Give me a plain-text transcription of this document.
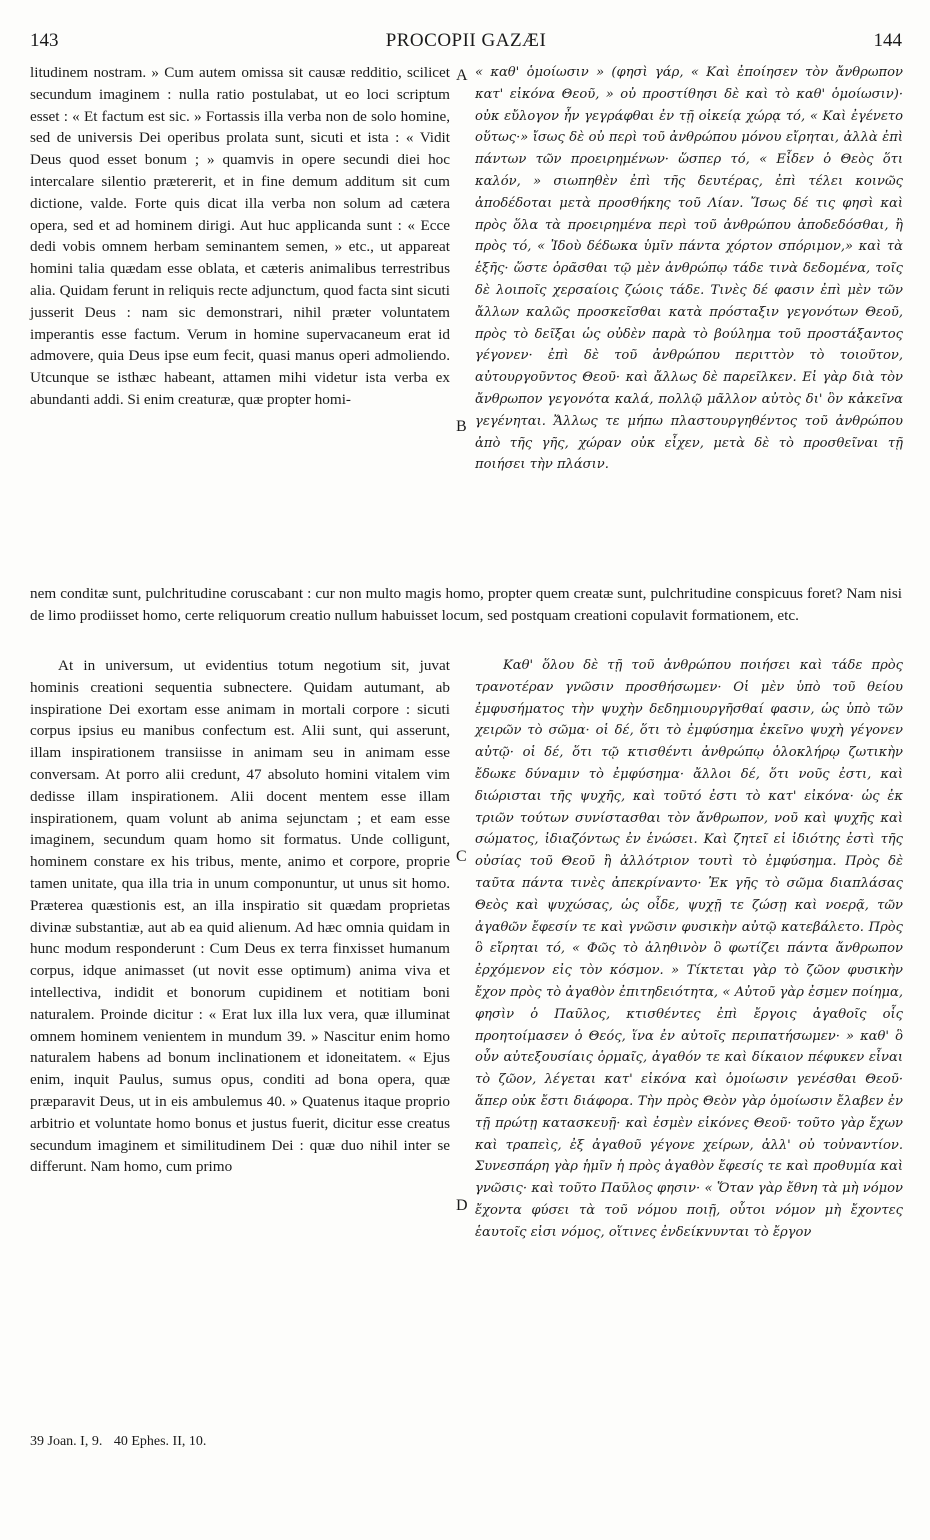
143	PROCOPII GAZÆI	144

litudinem nostram. » Cum autem omissa sit causæ redditio, scilicet secundum imaginem : nulla ratio postulabat, ut eo loci scriptum esset : « Et factum est sic. » Fortassis illa verba non de solo homine, sed de universis Dei operibus prolata sunt, sicuti et ista : « Vidit Deus quod esset bonum ; » quamvis in opere secundi diei hoc intercalare silentio prætererit, et in fine demum additum sit cum dictione, valde. Forte quis dicat illa verba non solum ad cætera opera, sed et ad hominem dirigi. Aut huc applicanda sunt : « Ecce dedi vobis omnem herbam seminantem semen, » etc., ut appareat homini talia quædam esse oblata, et cæteris animalibus terrestribus alia. Quidam ferunt in reliquis recte adjunctum, quod facta sint sicuti jusserit Deus : nam sic demonstrari, nihil præter voluntatem imperantis esse factum. Verum in homine supervacaneum erat id admovere, quia Deus ipse eum fecit, quasi manus operi admoliendo. Utcunque se isthæc habeant, attamen mihi videtur ista verba ex abundanti addi. Si enim creaturæ, quæ propter homi-

« καθ' ὁμοίωσιν » (φησὶ γάρ, « Καὶ ἐποίησεν τὸν ἄνθρωπον κατ' εἰκόνα Θεοῦ, » οὐ προστίθησι δὲ καὶ τὸ καθ' ὁμοίωσιν)· οὐκ εὔλογον ἦν γεγράφθαι ἐν τῇ οἰκείᾳ χώρᾳ τό, « Καὶ ἐγένετο οὕτως·» ἴσως δὲ οὐ περὶ τοῦ ἀνθρώπου μόνου εἴρηται, ἀλλὰ ἐπὶ πάντων τῶν προειρημένων· ὥσπερ τό, « Εἶδεν ὁ Θεὸς ὅτι καλόν, » σιωπηθὲν ἐπὶ τῆς δευτέρας, ἐπὶ τέλει κοινῶς ἀποδέδοται μετὰ προσθήκης τοῦ Λίαν. Ἴσως δέ τις φησὶ καὶ πρὸς ὅλα τὰ προειρημένα περὶ τοῦ ἀνθρώπου ἀποδεδόσθαι, ἢ πρὸς τό, « Ἰδοὺ δέδωκα ὑμῖν πάντα χόρτον σπόριμον,» καὶ τὰ ἑξῆς· ὥστε ὁρᾶσθαι τῷ μὲν ἀνθρώπῳ τάδε τινὰ δεδομένα, τοῖς δὲ λοιποῖς χερσαίοις ζώοις τάδε. Τινὲς δέ φασιν ἐπὶ μὲν τῶν ἄλλων καλῶς προσκεῖσθαι κατὰ πρόσταξιν γεγονότων Θεοῦ, πρὸς τὸ δεῖξαι ὡς οὐδὲν παρὰ τὸ βούλημα τοῦ προστάξαντος γέγονεν· ἐπὶ δὲ τοῦ ἀνθρώπου περιττὸν τὸ τοιοῦτον, αὐτουργοῦντος Θεοῦ· καὶ ἄλλως δὲ παρεῖλκεν. Εἰ γὰρ διὰ τὸν ἄνθρωπον γεγονότα καλά, πολλῷ μᾶλλον αὐτὸς δι' ὃν κἀκεῖνα γεγένηται. Ἄλλως τε μήπω πλαστουργηθέντος τοῦ ἀνθρώπου ἀπὸ τῆς γῆς, χώραν οὐκ εἶχεν, μετὰ δὲ τὸ προσθεῖναι τῇ ποιήσει τὴν πλάσιν.

nem conditæ sunt, pulchritudine coruscabant : cur non multo magis homo, propter quem creatæ sunt, pulchritudine conspicuus foret? Nam nisi de limo prodiisset homo, certe reliquorum creatio nullum habuisset locum, sed postquam creationi copulavit formationem, etc.

At in universum, ut evidentius totum negotium sit, juvat hominis creationi sequentia subnectere. Quidam autumant, ab inspiratione Dei exortam esse animam in mortali corpore : sicuti corpus ipsius eu manibus confectum est. Alii sunt, qui asserunt, illam inspirationem transiisse in animam seu in animam esse conversam. At porro alii credunt, 47 absoluto homini vitalem vim dedisse illam inspirationem. Alii docent mentem esse illam inspirationem, quam volunt ab anima sejunctam ; et eam esse imaginem, secundum quam homo sit formatus. Unde colligunt, hominem constare ex his tribus, mente, animo et corpore, proprie tamen unitate, qua illa tria in unum componuntur, ut unus sit homo. Præterea quæstionis est, an illa inspiratio sit quædam proprietas divinæ substantiæ, aut ab ea quid alienum. Ad hæc omnia quidam in hunc modum responderunt : Cum Deus ex terra finxisset humanum corpus, idque animasset (ut novit esse optimum) anima viva et intellectiva, indidit et bonorum cupidinem et notitiam boni naturalem. Proinde dicitur : « Erat lux illa lux vera, quæ illuminat omnem hominem venientem in mundum 39. » Nascitur enim homo naturalem habens ad bonum inclinationem et idoneitatem. « Ejus enim, inquit Paulus, sumus opus, conditi ad bona opera, quæ præparavit Deus, ut in eis ambulemus 40. » Quatenus itaque proprio arbitrio et voluntate homo bonus et justus fuerit, dicitur esse creatus secundum imaginem et similitudinem Dei : quæ duo nihil inter se differunt. Nam homo, cum primo

Καθ' ὅλου δὲ τῇ τοῦ ἀνθρώπου ποιήσει καὶ τάδε πρὸς τρανοτέραν γνῶσιν προσθήσωμεν· Οἱ μὲν ὑπὸ τοῦ θείου ἐμφυσήματος τὴν ψυχὴν δεδημιουργῆσθαί φασιν, ὡς ὑπὸ τῶν χειρῶν τὸ σῶμα· οἱ δέ, ὅτι τὸ ἐμφύσημα ἐκεῖνο ψυχὴ γέγονεν αὐτῷ· οἱ δέ, ὅτι τῷ κτισθέντι ἀνθρώπῳ ὁλοκλήρῳ ζωτικὴν ἔδωκε δύναμιν τὸ ἐμφύσημα· ἄλλοι δέ, ὅτι νοῦς ἐστι, καὶ διώρισται τῆς ψυχῆς, καὶ τοῦτό ἐστι τὸ κατ' εἰκόνα· ὡς ἐκ τριῶν τούτων συνίστασθαι τὸν ἄνθρωπον, νοῦ καὶ ψυχῆς καὶ σώματος, ἰδιαζόντως ἐν ἑνώσει. Καὶ ζητεῖ εἰ ἰδιότης ἐστὶ τῆς οὐσίας τοῦ Θεοῦ ἢ ἀλλότριον τουτὶ τὸ ἐμφύσημα. Πρὸς δὲ ταῦτα πάντα τινὲς ἀπεκρίναντο· Ἐκ γῆς τὸ σῶμα διαπλάσας Θεὸς καὶ ψυχώσας, ὡς οἶδε, ψυχῇ τε ζώσῃ καὶ νοερᾷ, τῶν ἀγαθῶν ἔφεσίν τε καὶ γνῶσιν φυσικὴν αὐτῷ κατεβάλετο. Πρὸς ὃ εἴρηται τό, « Φῶς τὸ ἀληθινὸν ὃ φωτίζει πάντα ἄνθρωπον ἐρχόμενον εἰς τὸν κόσμον. » Τίκτεται γὰρ τὸ ζῶον φυσικὴν ἔχον πρὸς τὸ ἀγαθὸν ἐπιτηδειότητα, « Αὐτοῦ γὰρ ἐσμεν ποίημα, φησὶν ὁ Παῦλος, κτισθέντες ἐπὶ ἔργοις ἀγαθοῖς οἷς προητοίμασεν ὁ Θεός, ἵνα ἐν αὐτοῖς περιπατήσωμεν· » καθ' ὃ οὖν αὐτεξουσίαις ὁρμαῖς, ἀγαθόν τε καὶ δίκαιον πέφυκεν εἶναι τὸ ζῶον, λέγεται κατ' εἰκόνα καὶ ὁμοίωσιν γενέσθαι Θεοῦ· ἅπερ οὐκ ἔστι διάφορα. Τὴν πρὸς Θεὸν γὰρ ὁμοίωσιν ἔλαβεν ἐν τῇ πρώτῃ κατασκευῇ· καὶ ἐσμὲν εἰκόνες Θεοῦ· τοῦτο γὰρ ἔχων καὶ τραπεὶς, ἐξ ἀγαθοῦ γέγονε χείρων, ἀλλ' οὐ τοὐναντίον. Συνεσπάρη γὰρ ἡμῖν ἡ πρὸς ἀγαθὸν ἔφεσίς τε καὶ προθυμία καὶ γνῶσις· καὶ τοῦτο Παῦλος φησιν· « Ὅταν γὰρ ἔθνη τὰ μὴ νόμον ἔχοντα φύσει τὰ τοῦ νόμου ποιῇ, οὗτοι νόμον μὴ ἔχοντες ἑαυτοῖς εἰσι νόμος, οἵτινες ἐνδείκνυνται τὸ ἔργον

A
B
C
D
39 Joan. I, 9. 40 Ephes. II, 10.
